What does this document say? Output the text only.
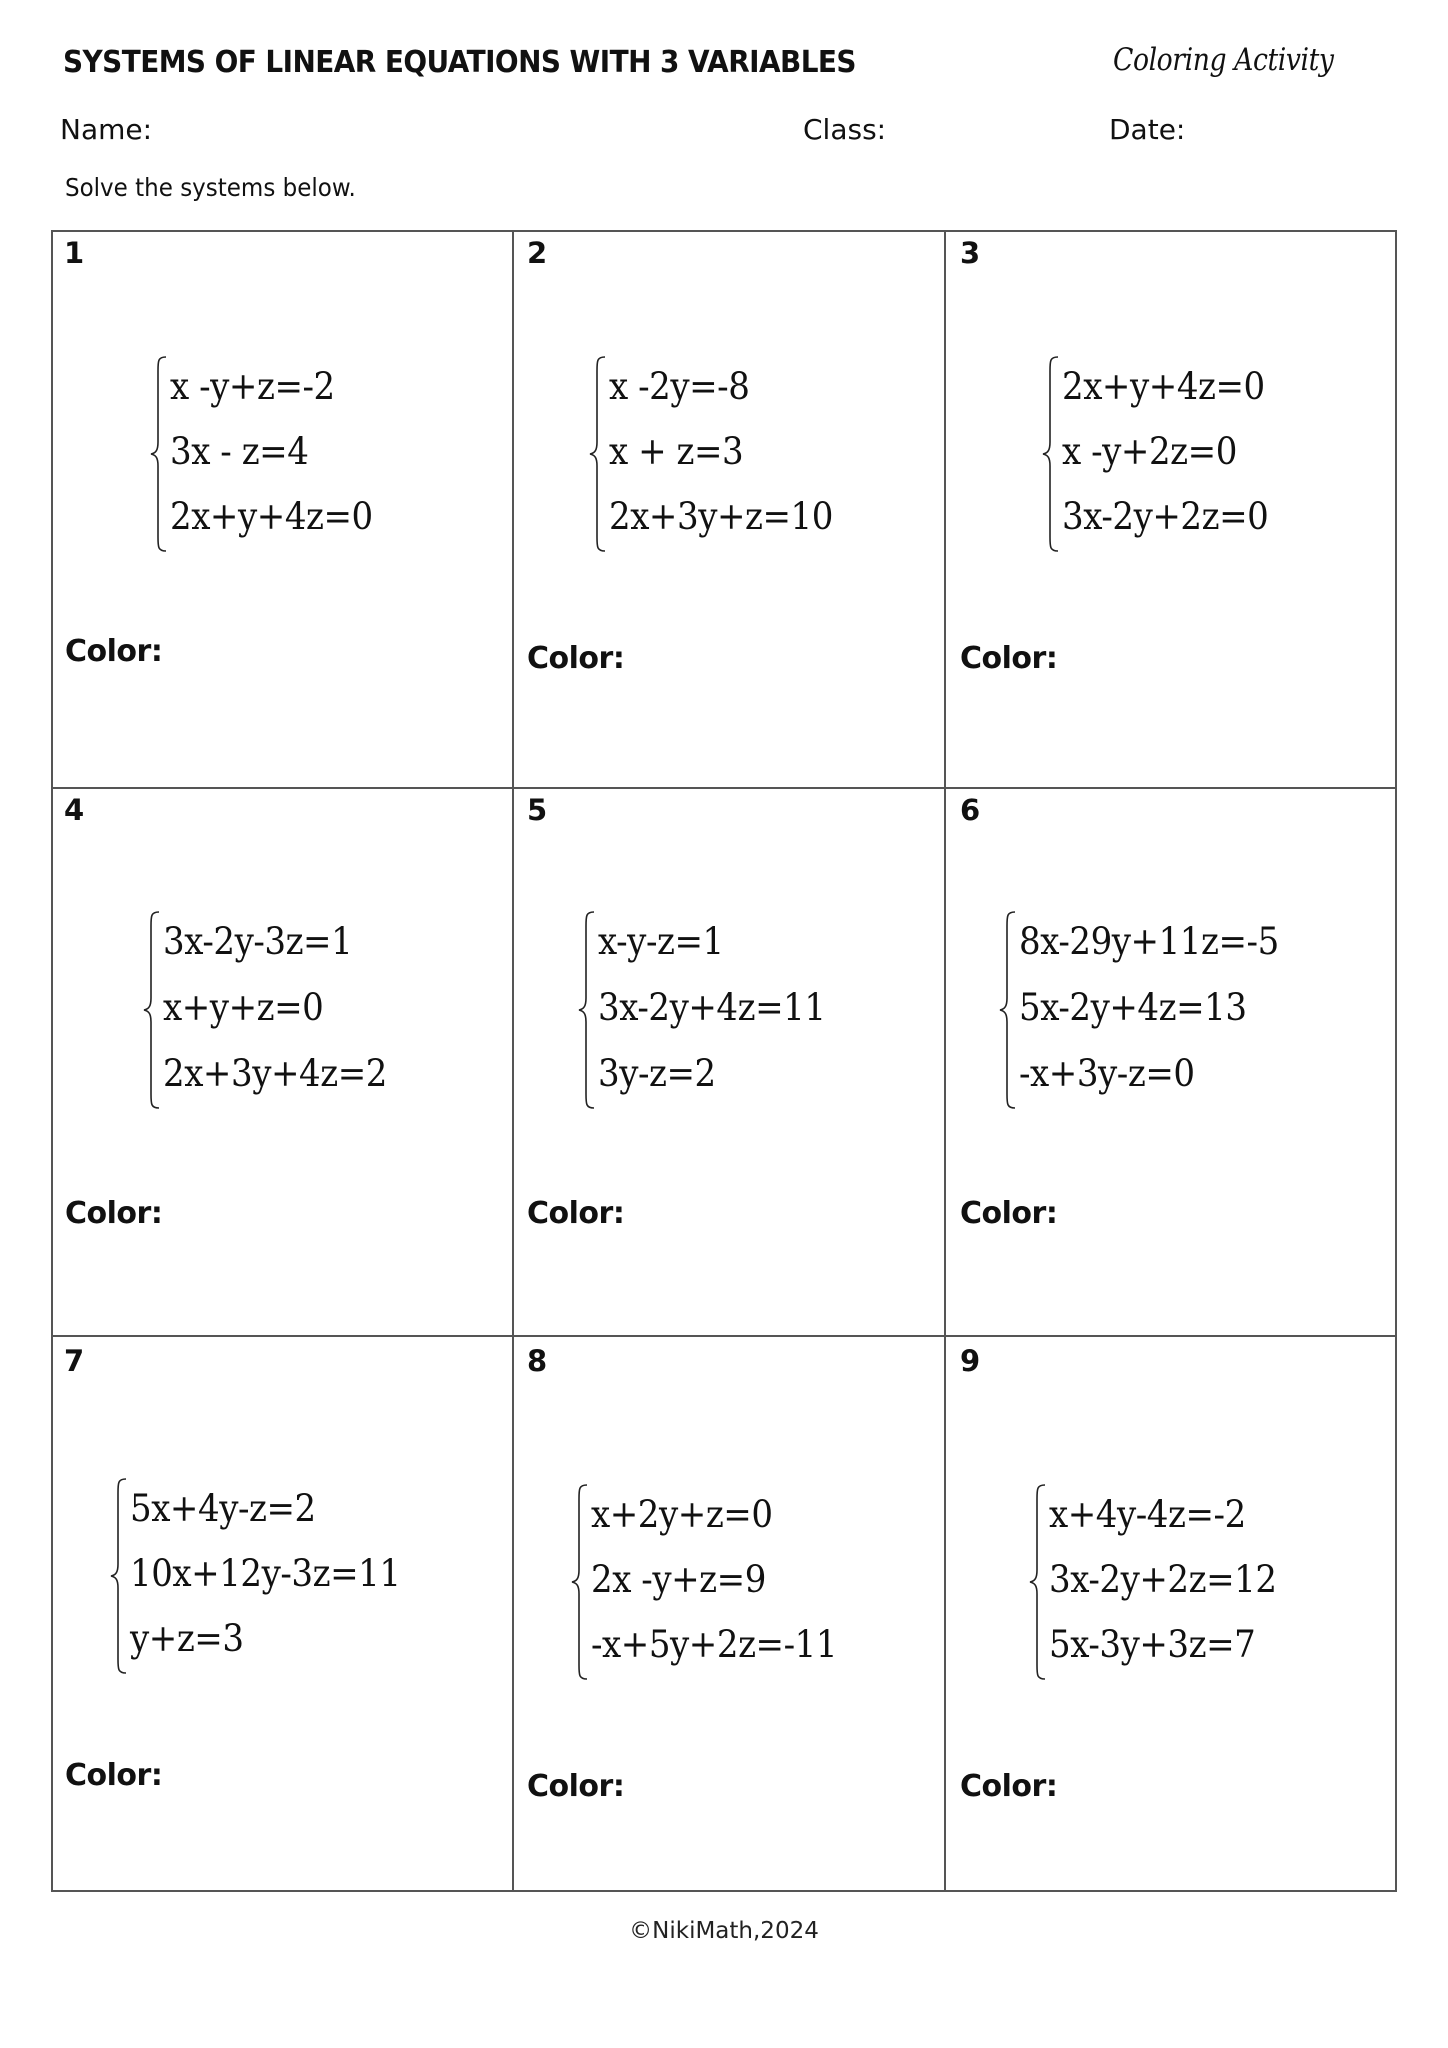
SYSTEMS OF LINEAR EQUATIONS WITH 3 VARIABLES	Coloring Activity
Name:	Class:	Date:
Solve the systems below.
1
x -y+z=-2
3x - z=4
2x+y+4z=0
Color:
2
x -2y=-8
x + z=3
2x+3y+z=10
Color:
3
2x+y+4z=0
x -y+2z=0
3x-2y+2z=0
Color:
4
3x-2y-3z=1
x+y+z=0
2x+3y+4z=2
Color:
5
x-y-z=1
3x-2y+4z=11
3y-z=2
Color:
6
8x-29y+11z=-5
5x-2y+4z=13
-x+3y-z=0
Color:
7
5x+4y-z=2
10x+12y-3z=11
y+z=3
Color:
8
x+2y+z=0
2x -y+z=9
-x+5y+2z=-11
Color:
9
x+4y-4z=-2
3x-2y+2z=12
5x-3y+3z=7
Color:
©NikiMath,2024
